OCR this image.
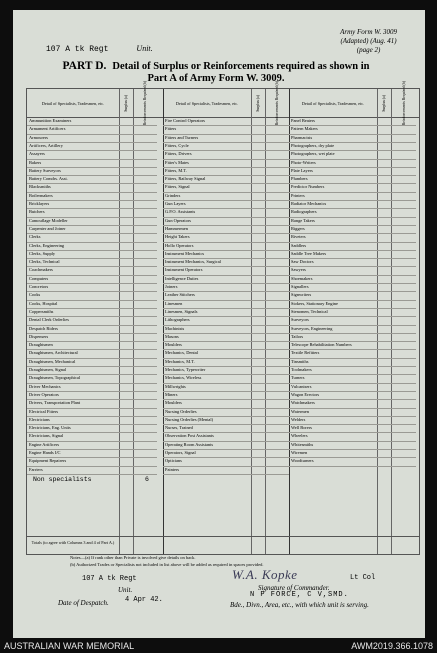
107 A tk Regt	Unit.
Army Form W. 3009
(Adapted) (Aug. 41)
(page 2)
PART D. Detail of Surplus or Reinforcements required as shown in
Part A of Army Form W. 3009.
Detail of Specialists, Tradesmen, etc.	Surplus (a)	Reinforcements Required (b)
Ammunition Examiners
Armament Artificers
Armourers
Artificers, Artillery
Assayers
Bakers
Battery Surveyors
Battery Comdrs. Asst.
Blacksmiths
Boilermakers
Bricklayers
Butchers
Camouflage Modeller
Carpenter and Joiner
Clerks
Clerks, Engineering
Clerks, Supply
Clerks, Technical
Coachmakers
Computers
Concretors
Cooks
Cooks, Hospital
Coppersmiths
Dental Clerk Orderlies
Despatch Riders
Dispensers
Draughtsmen
Draughtsmen, Architectural
Draughtsmen, Mechanical
Draughtsmen, Signal
Draughtsmen, Topographical
Driver Mechanics
Driver Operators
Drivers, Transportation Plant
Electrical Fitters
Electricians
Electricians, Eng. Units
Electricians, Signal
Engine Artificers
Engine Hands I/C
Equipment Repairers
Farriers
Detail of Specialists, Tradesmen, etc.	Surplus (a)	Reinforcements Required (b)
Fire Control Operators
Fitters
Fitters and Turners
Fitters, Cycle
Fitters, Drivers
Fitter's Mates
Fitters, M.T.
Fitters, Railway Signal
Fitters, Signal
Grinders
Gun Layers
G.P.O. Assistants
Gun Operators
Hammermen
Height Takers
Hollo Operators
Instrument Mechanics
Instrument Mechanics, Surgical
Instrument Operators
Intelligence Duties
Joiners
Leather Stitchers
Linesmen
Linesmen, Signals
Lithographers
Machinists
Masons
Moulders
Mechanics, Dental
Mechanics, M.T.
Mechanics, Typewriter
Mechanics, Wireless
Millwrights
Miners
Moulders
Nursing Orderlies
Nursing Orderlies (Mental)
Nurses, Trained
Observation Post Assistants
Operating Room Assistants
Operators, Signal
Opticians
Painters
Detail of Specialists, Tradesmen, etc.	Surplus (a)	Reinforcements Required (b)
Panel Beaters
Pattern Makers
Pharmacists
Photographers, dry plate
Photographers, wet plate
Photo-Writers
Plate Layers
Plumbers
Predictor Numbers
Printers
Radiator Mechanics
Radiographers
Range Takers
Riggers
Riveters
Saddlers
Saddle Tree Makers
Saw Doctors
Sawyers
Shoemakers
Signallers
Signwriters
Stokers, Stationary Engine
Stenomen, Technical
Surveyors
Surveyors, Engineering
Tailors
Telescope Rehabilitation Numbers
Textile Refitters
Tinsmiths
Toolmakers
Turners
Vulcanisers
Wagon Erectors
Watchmakers
Watermen
Welders
Well Borers
Wheelers
Whitesmiths
Wiremen
Woodturners
Non specialists	6
Totals (to agree with Columns 3 and 4 of Part A.)
Notes—(a) If rank other than Private is involved give details on back.
(b) Authorized Trades or Specialists not included in list above will be added as required in spaces provided.
107 A tk Regt
Unit.
W.A. Kopke	Lt Col
Signature of Commander.
N P FORCE, C V,SMD.
Date of Despatch. 4 Apr 42.
Bde., Divn., Area, etc., with which unit is serving.
AUSTRALIAN WAR MEMORIAL	AWM2019.366.1078
